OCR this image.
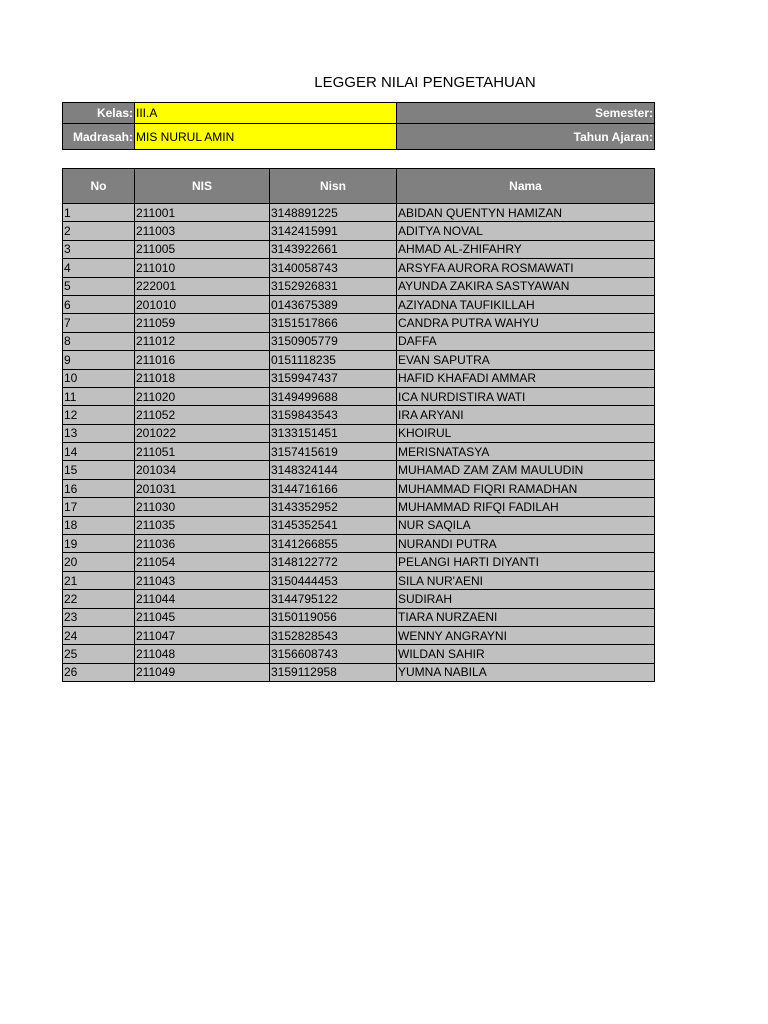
LEGGER NILAI PENGETAHUAN
Kelas:	III.A	Semester:
Madrasah:	MIS NURUL AMIN	Tahun Ajaran:
No	NIS	Nisn	Nama
1	211001	3148891225	ABIDAN QUENTYN HAMIZAN
2	211003	3142415991	ADITYA NOVAL
3	211005	3143922661	AHMAD AL-ZHIFAHRY
4	211010	3140058743	ARSYFA AURORA ROSMAWATI
5	222001	3152926831	AYUNDA ZAKIRA SASTYAWAN
6	201010	0143675389	AZIYADNA TAUFIKILLAH
7	211059	3151517866	CANDRA PUTRA WAHYU
8	211012	3150905779	DAFFA
9	211016	0151118235	EVAN SAPUTRA
10	211018	3159947437	HAFID KHAFADI AMMAR
11	211020	3149499688	ICA NURDISTIRA WATI
12	211052	3159843543	IRA ARYANI
13	201022	3133151451	KHOIRUL
14	211051	3157415619	MERISNATASYA
15	201034	3148324144	MUHAMAD ZAM ZAM MAULUDIN
16	201031	3144716166	MUHAMMAD FIQRI RAMADHAN
17	211030	3143352952	MUHAMMAD RIFQI FADILAH
18	211035	3145352541	NUR SAQILA
19	211036	3141266855	NURANDI PUTRA
20	211054	3148122772	PELANGI HARTI DIYANTI
21	211043	3150444453	SILA NUR'AENI
22	211044	3144795122	SUDIRAH
23	211045	3150119056	TIARA NURZAENI
24	211047	3152828543	WENNY ANGRAYNI
25	211048	3156608743	WILDAN SAHIR
26	211049	3159112958	YUMNA NABILA
